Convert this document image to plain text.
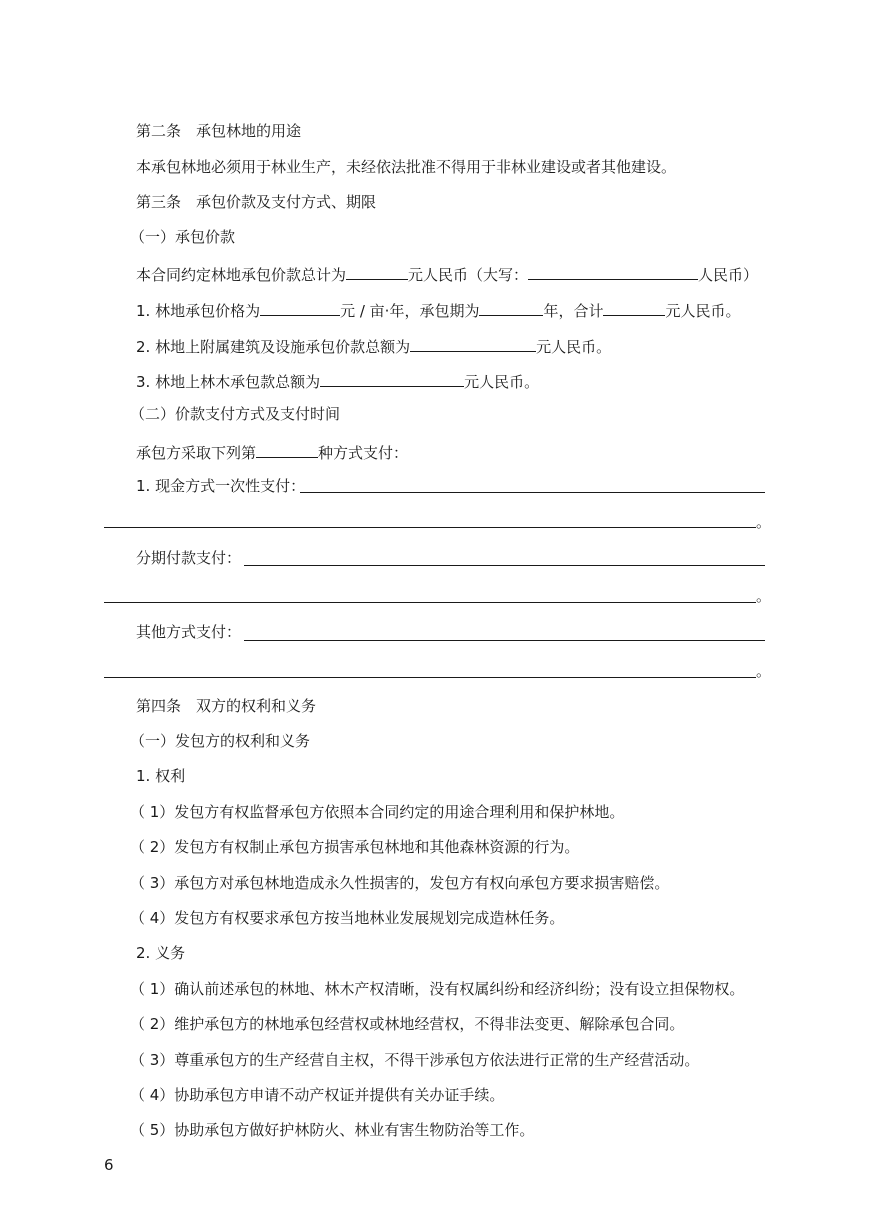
第二条　承包林地的用途
本承包林地必须用于林业生产，未经依法批准不得用于非林业建设或者其他建设。
第三条　承包价款及支付方式、期限
（一）承包价款
本合同约定林地承包价款总计为	元人民币（大写：	人民币）
1. 林地承包价格为	元 / 亩·年，承包期为	年，合计	元人民币。
2. 林地上附属建筑及设施承包价款总额为	元人民币。
3. 林地上林木承包款总额为	元人民币。
（二）价款支付方式及支付时间
承包方采取下列第	种方式支付：
1. 现金方式一次性支付：
。
分期付款支付：
。
其他方式支付：
。
第四条　双方的权利和义务
（一）发包方的权利和义务
1. 权利
（ 1）发包方有权监督承包方依照本合同约定的用途合理利用和保护林地。
（ 2）发包方有权制止承包方损害承包林地和其他森林资源的行为。
（ 3）承包方对承包林地造成永久性损害的，发包方有权向承包方要求损害赔偿。
（ 4）发包方有权要求承包方按当地林业发展规划完成造林任务。
2. 义务
（ 1）确认前述承包的林地、林木产权清晰，没有权属纠纷和经济纠纷；没有设立担保物权。
（ 2）维护承包方的林地承包经营权或林地经营权，不得非法变更、解除承包合同。
（ 3）尊重承包方的生产经营自主权，不得干涉承包方依法进行正常的生产经营活动。
（ 4）协助承包方申请不动产权证并提供有关办证手续。
（ 5）协助承包方做好护林防火、林业有害生物防治等工作。
6
